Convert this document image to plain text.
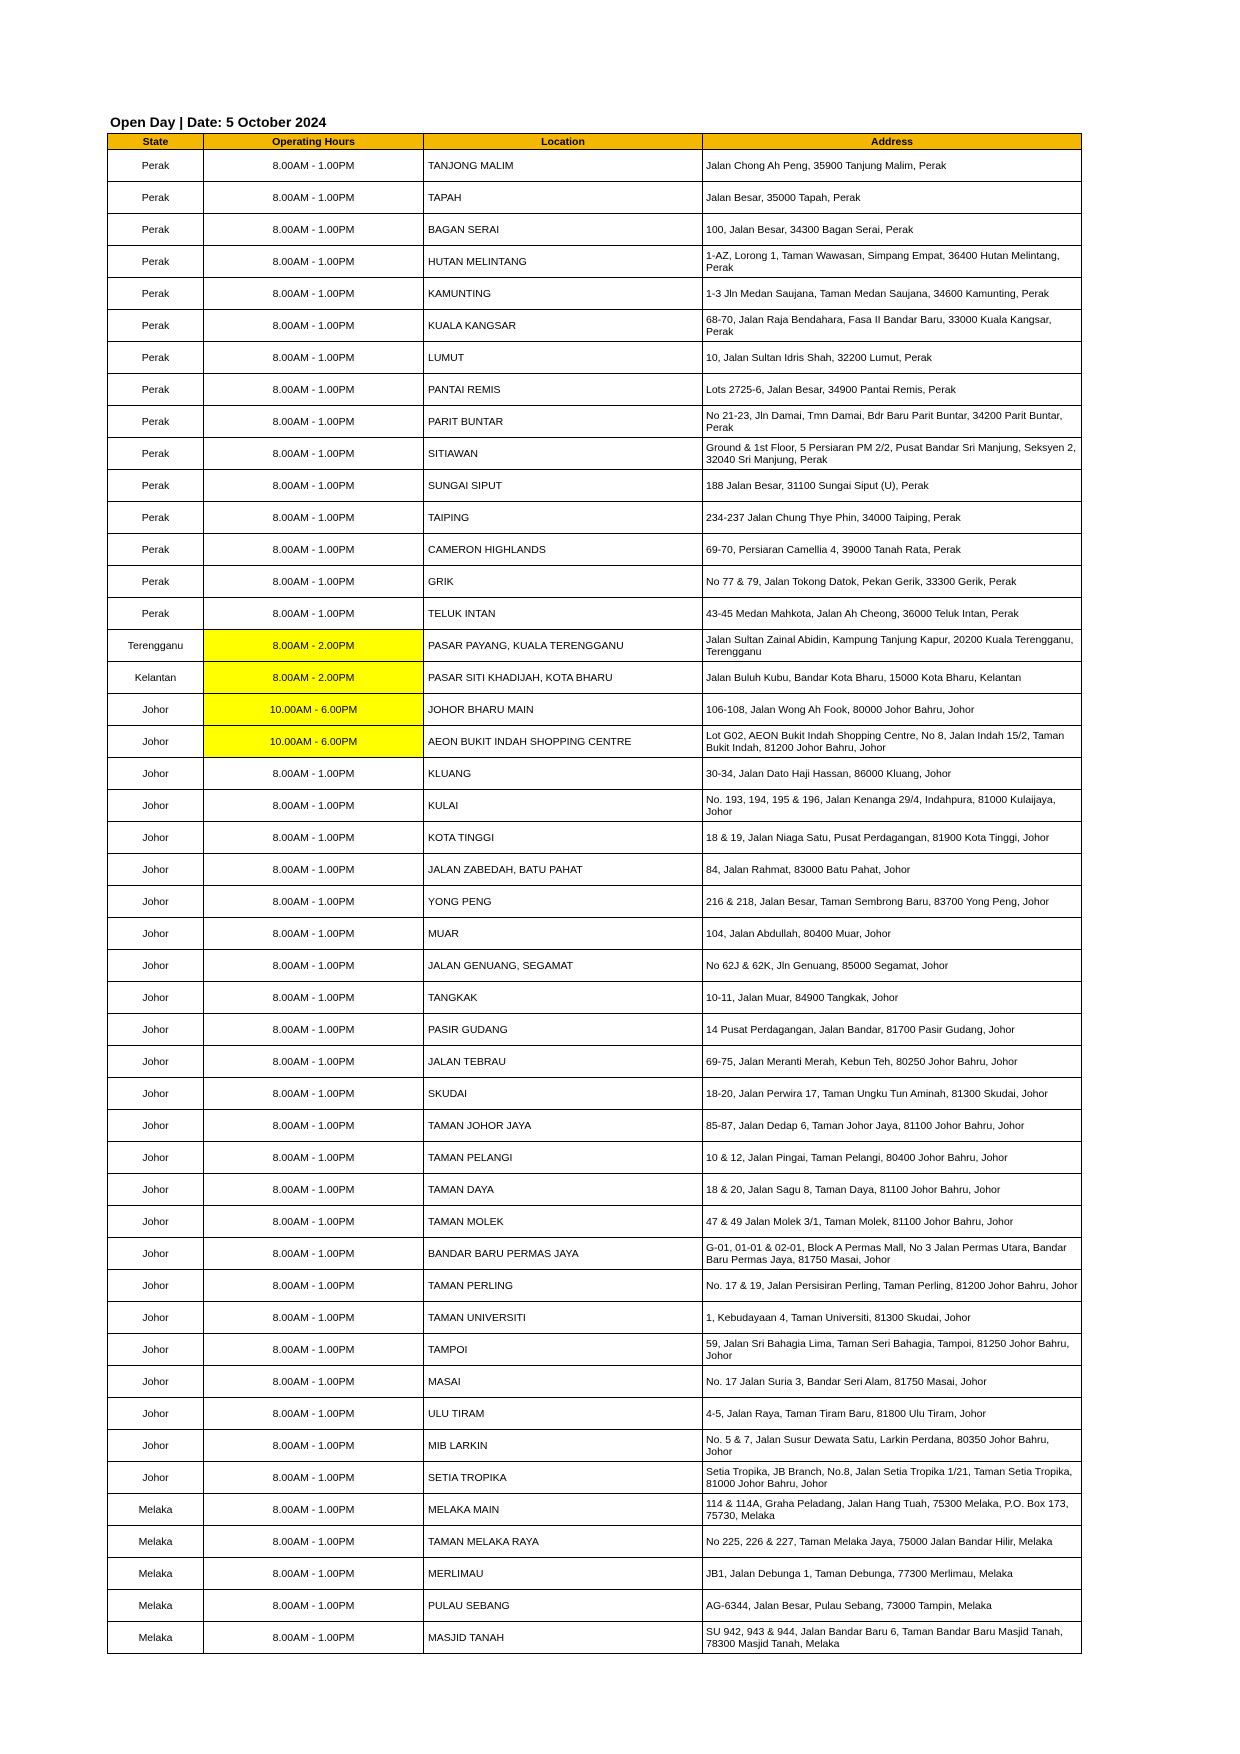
Open Day | Date: 5 October 2024
State	Operating Hours	Location	Address
Perak	8.00AM - 1.00PM	TANJONG MALIM	Jalan Chong Ah Peng, 35900 Tanjung Malim, Perak
Perak	8.00AM - 1.00PM	TAPAH	Jalan Besar, 35000 Tapah, Perak
Perak	8.00AM - 1.00PM	BAGAN SERAI	100, Jalan Besar, 34300 Bagan Serai, Perak
Perak	8.00AM - 1.00PM	HUTAN MELINTANG	1-AZ, Lorong 1, Taman Wawasan, Simpang Empat, 36400 Hutan Melintang, Perak
Perak	8.00AM - 1.00PM	KAMUNTING	1-3 Jln Medan Saujana, Taman Medan Saujana, 34600 Kamunting, Perak
Perak	8.00AM - 1.00PM	KUALA KANGSAR	68-70, Jalan Raja Bendahara, Fasa II Bandar Baru, 33000 Kuala Kangsar, Perak
Perak	8.00AM - 1.00PM	LUMUT	10, Jalan Sultan Idris Shah, 32200 Lumut, Perak
Perak	8.00AM - 1.00PM	PANTAI REMIS	Lots 2725-6, Jalan Besar, 34900 Pantai Remis, Perak
Perak	8.00AM - 1.00PM	PARIT BUNTAR	No 21-23, Jln Damai, Tmn Damai, Bdr Baru Parit Buntar, 34200 Parit Buntar, Perak
Perak	8.00AM - 1.00PM	SITIAWAN	Ground & 1st Floor, 5 Persiaran PM 2/2, Pusat Bandar Sri Manjung, Seksyen 2, 32040 Sri Manjung, Perak
Perak	8.00AM - 1.00PM	SUNGAI SIPUT	188 Jalan Besar, 31100 Sungai Siput (U), Perak
Perak	8.00AM - 1.00PM	TAIPING	234-237 Jalan Chung Thye Phin, 34000 Taiping, Perak
Perak	8.00AM - 1.00PM	CAMERON HIGHLANDS	69-70, Persiaran Camellia 4, 39000 Tanah Rata, Perak
Perak	8.00AM - 1.00PM	GRIK	No 77 & 79, Jalan Tokong Datok, Pekan Gerik, 33300 Gerik, Perak
Perak	8.00AM - 1.00PM	TELUK INTAN	43-45 Medan Mahkota, Jalan Ah Cheong, 36000 Teluk Intan, Perak
Terengganu	8.00AM - 2.00PM	PASAR PAYANG, KUALA TERENGGANU	Jalan Sultan Zainal Abidin, Kampung Tanjung Kapur, 20200 Kuala Terengganu, Terengganu
Kelantan	8.00AM - 2.00PM	PASAR SITI KHADIJAH, KOTA BHARU	Jalan Buluh Kubu, Bandar Kota Bharu, 15000 Kota Bharu, Kelantan
Johor	10.00AM - 6.00PM	JOHOR BHARU MAIN	106-108, Jalan Wong Ah Fook, 80000 Johor Bahru, Johor
Johor	10.00AM - 6.00PM	AEON BUKIT INDAH SHOPPING CENTRE	Lot G02, AEON Bukit Indah Shopping Centre, No 8, Jalan Indah 15/2, Taman Bukit Indah, 81200 Johor Bahru, Johor
Johor	8.00AM - 1.00PM	KLUANG	30-34, Jalan Dato Haji Hassan, 86000 Kluang, Johor
Johor	8.00AM - 1.00PM	KULAI	No. 193, 194, 195 & 196, Jalan Kenanga 29/4, Indahpura, 81000 Kulaijaya, Johor
Johor	8.00AM - 1.00PM	KOTA TINGGI	18 & 19, Jalan Niaga Satu, Pusat Perdagangan, 81900 Kota Tinggi, Johor
Johor	8.00AM - 1.00PM	JALAN ZABEDAH, BATU PAHAT	84, Jalan Rahmat, 83000 Batu Pahat, Johor
Johor	8.00AM - 1.00PM	YONG PENG	216 & 218, Jalan Besar, Taman Sembrong Baru, 83700 Yong Peng, Johor
Johor	8.00AM - 1.00PM	MUAR	104, Jalan Abdullah, 80400 Muar, Johor
Johor	8.00AM - 1.00PM	JALAN GENUANG, SEGAMAT	No 62J & 62K, Jln Genuang, 85000 Segamat, Johor
Johor	8.00AM - 1.00PM	TANGKAK	10-11, Jalan Muar, 84900 Tangkak, Johor
Johor	8.00AM - 1.00PM	PASIR GUDANG	14 Pusat Perdagangan, Jalan Bandar, 81700 Pasir Gudang, Johor
Johor	8.00AM - 1.00PM	JALAN TEBRAU	69-75, Jalan Meranti Merah, Kebun Teh, 80250 Johor Bahru, Johor
Johor	8.00AM - 1.00PM	SKUDAI	18-20, Jalan Perwira 17, Taman Ungku Tun Aminah, 81300 Skudai, Johor
Johor	8.00AM - 1.00PM	TAMAN JOHOR JAYA	85-87, Jalan Dedap 6, Taman Johor Jaya, 81100 Johor Bahru, Johor
Johor	8.00AM - 1.00PM	TAMAN PELANGI	10 & 12, Jalan Pingai, Taman Pelangi, 80400 Johor Bahru, Johor
Johor	8.00AM - 1.00PM	TAMAN DAYA	18 & 20, Jalan Sagu 8, Taman Daya, 81100 Johor Bahru, Johor
Johor	8.00AM - 1.00PM	TAMAN MOLEK	47 & 49 Jalan Molek 3/1, Taman Molek, 81100 Johor Bahru, Johor
Johor	8.00AM - 1.00PM	BANDAR BARU PERMAS JAYA	G-01, 01-01 & 02-01, Block A Permas Mall, No 3 Jalan Permas Utara, Bandar Baru Permas Jaya, 81750 Masai, Johor
Johor	8.00AM - 1.00PM	TAMAN PERLING	No. 17 & 19, Jalan Persisiran Perling, Taman Perling, 81200 Johor Bahru, Johor
Johor	8.00AM - 1.00PM	TAMAN UNIVERSITI	1, Kebudayaan 4, Taman Universiti, 81300 Skudai, Johor
Johor	8.00AM - 1.00PM	TAMPOI	59, Jalan Sri Bahagia Lima, Taman Seri Bahagia, Tampoi, 81250 Johor Bahru, Johor
Johor	8.00AM - 1.00PM	MASAI	No. 17 Jalan Suria 3, Bandar Seri Alam, 81750 Masai, Johor
Johor	8.00AM - 1.00PM	ULU TIRAM	4-5, Jalan Raya, Taman Tiram Baru, 81800 Ulu Tiram, Johor
Johor	8.00AM - 1.00PM	MIB LARKIN	No. 5 & 7, Jalan Susur Dewata Satu, Larkin Perdana, 80350 Johor Bahru, Johor
Johor	8.00AM - 1.00PM	SETIA TROPIKA	Setia Tropika, JB Branch, No.8, Jalan Setia Tropika 1/21, Taman Setia Tropika, 81000 Johor Bahru, Johor
Melaka	8.00AM - 1.00PM	MELAKA MAIN	114 & 114A, Graha Peladang, Jalan Hang Tuah, 75300 Melaka, P.O. Box 173, 75730, Melaka
Melaka	8.00AM - 1.00PM	TAMAN MELAKA RAYA	No 225, 226 & 227, Taman Melaka Jaya, 75000 Jalan Bandar Hilir, Melaka
Melaka	8.00AM - 1.00PM	MERLIMAU	JB1, Jalan Debunga 1, Taman Debunga, 77300 Merlimau, Melaka
Melaka	8.00AM - 1.00PM	PULAU SEBANG	AG-6344, Jalan Besar, Pulau Sebang, 73000 Tampin, Melaka
Melaka	8.00AM - 1.00PM	MASJID TANAH	SU 942, 943 & 944, Jalan Bandar Baru 6, Taman Bandar Baru Masjid Tanah, 78300 Masjid Tanah, Melaka
